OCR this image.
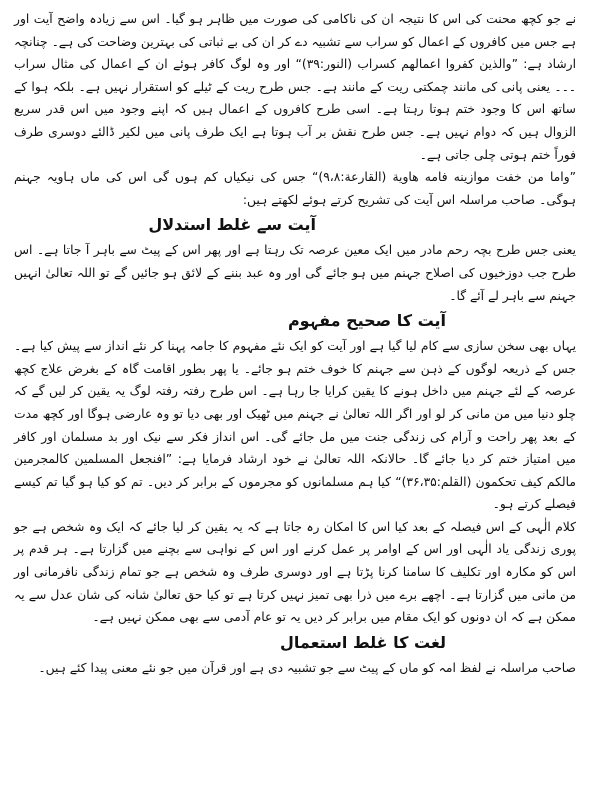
نے جو کچھ محنت کی اس کا نتیجہ ان کی ناکامی کی صورت میں ظاہر ہو گیا۔ اس سے زیادہ واضح آیت اور ہے جس میں کافروں کے اعمال کو سراب سے تشبیہ دے کر ان کی بے ثباتی کی بہترین وضاحت کی ہے۔ چنانچہ ارشاد ہے: ”والذین کفروا اعمالھم کسراب (النور:۳۹)“ اور وہ لوگ کافر ہوئے ان کے اعمال کی مثال سراب ۔۔۔ یعنی پانی کی مانند چمکتی ریت کے مانند ہے۔ جس طرح ریت کے ٹیلے کو استقرار نہیں ہے۔ بلکہ ہوا کے ساتھ اس کا وجود ختم ہوتا رہتا ہے۔ اسی طرح کافروں کے اعمال ہیں کہ اپنے وجود میں اس قدر سریع الزوال ہیں کہ دوام نہیں ہے۔ جس طرح نقش بر آب ہوتا ہے ایک طرف پانی میں لکیر ڈالئے دوسری طرف فوراً ختم ہوتی چلی جاتی ہے۔

”واما من خفت موازینه فامه هاویة (القارعة:۹،۸)“ جس کی نیکیاں کم ہوں گی اس کی ماں ہاویہ جہنم ہوگی۔ صاحب مراسلہ اس آیت کی تشریح کرتے ہوئے لکھتے ہیں:

آیت سے غلط استدلال

یعنی جس طرح بچہ رحم مادر میں ایک معین عرصہ تک رہتا ہے اور پھر اس کے پیٹ سے باہر آ جاتا ہے۔ اس طرح جب دوزخیوں کی اصلاح جہنم میں ہو جائے گی اور وہ عبد بننے کے لائق ہو جائیں گے تو اللہ تعالیٰ انہیں جہنم سے باہر لے آئے گا۔

آیت کا صحیح مفہوم

یہاں بھی سخن سازی سے کام لیا گیا ہے اور آیت کو ایک نئے مفہوم کا جامہ پہنا کر نئے انداز سے پیش کیا ہے۔ جس کے ذریعہ لوگوں کے ذہن سے جہنم کا خوف ختم ہو جائے۔ یا پھر بطور اقامت گاہ کے بغرض علاج کچھ عرصہ کے لئے جہنم میں داخل ہونے کا یقین کرایا جا رہا ہے۔ اس طرح رفتہ رفتہ لوگ یہ یقین کر لیں گے کہ چلو دنیا میں من مانی کر لو اور اگر اللہ تعالیٰ نے جہنم میں ٹھیک اور بھی دیا تو وہ عارضی ہوگا اور کچھ مدت کے بعد پھر راحت و آرام کی زندگی جنت میں مل جائے گی۔ اس انداز فکر سے نیک اور بد مسلمان اور کافر میں امتیاز ختم کر دیا جائے گا۔ حالانکہ اللہ تعالیٰ نے خود ارشاد فرمایا ہے: ”افنجعل المسلمین کالمجرمین مالکم کیف تحکمون (القلم:۳۶،۳۵)“ کیا ہم مسلمانوں کو مجرموں کے برابر کر دیں۔ تم کو کیا ہو گیا تم کیسے فیصلے کرتے ہو۔

کلام الٰہی کے اس فیصلہ کے بعد کیا اس کا امکان رہ جاتا ہے کہ یہ یقین کر لیا جائے کہ ایک وہ شخص ہے جو پوری زندگی یاد الٰہی اور اس کے اوامر پر عمل کرنے اور اس کے نواہی سے بچنے میں گزارتا ہے۔ ہر قدم پر اس کو مکارہ اور تکلیف کا سامنا کرنا پڑتا ہے اور دوسری طرف وہ شخص ہے جو تمام زندگی نافرمانی اور من مانی میں گزارتا ہے۔ اچھے برے میں ذرا بھی تمیز نہیں کرتا ہے تو کیا حق تعالیٰ شانہ کی شان عدل سے یہ ممکن ہے کہ ان دونوں کو ایک مقام میں برابر کر دیں یہ تو عام آدمی سے بھی ممکن نہیں ہے۔

لغت کا غلط استعمال

صاحب مراسلہ نے لفظ امہ کو ماں کے پیٹ سے جو تشبیہ دی ہے اور قرآن میں جو نئے معنی پیدا کئے ہیں۔
